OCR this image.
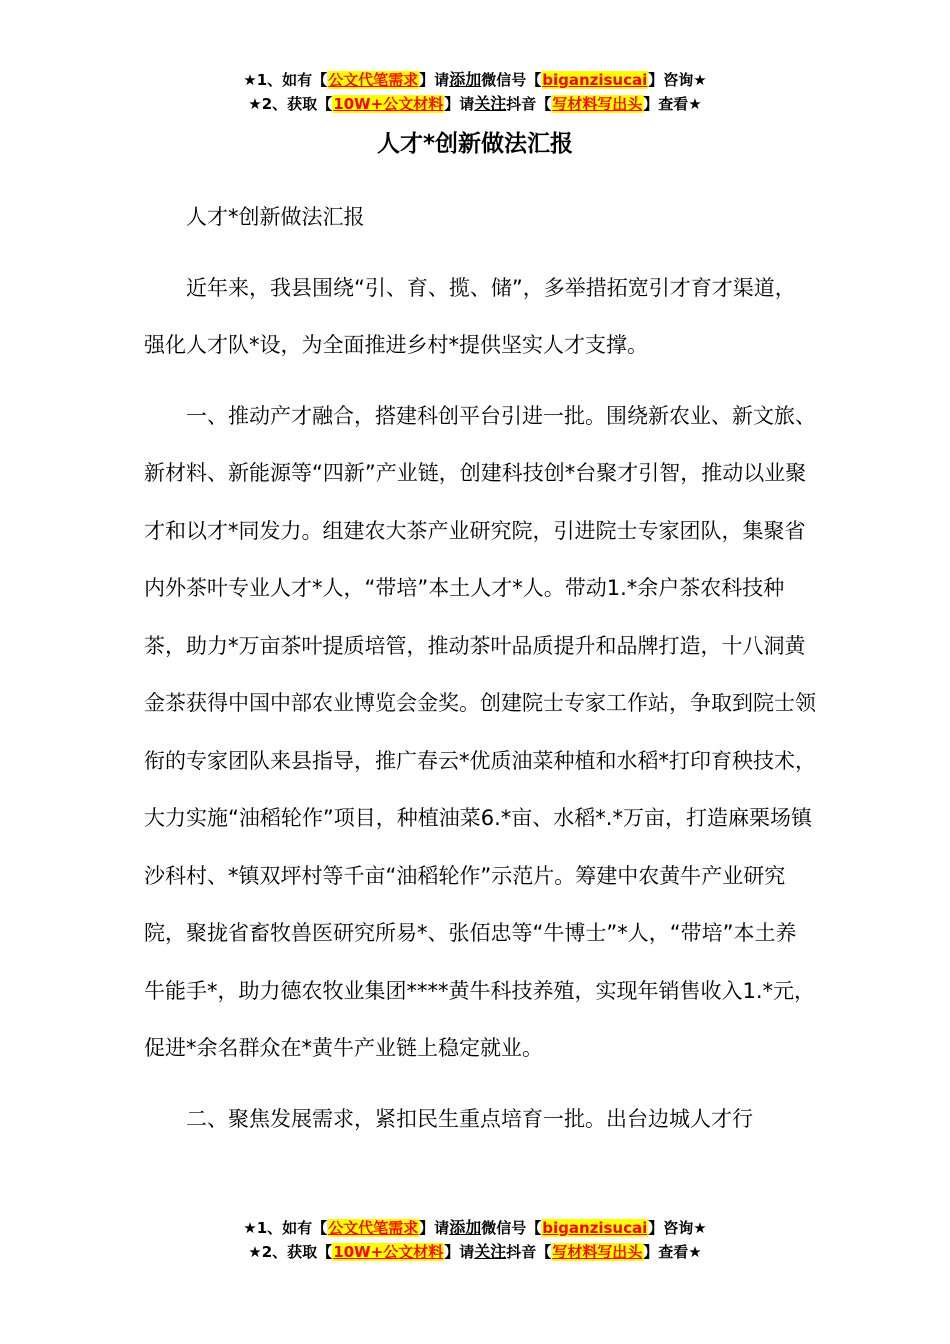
★1、如有【公文代笔需求】请添加微信号【biganzisucai】咨询★
★2、获取【10W+公文材料】请关注抖音【写材料写出头】查看★
人才*创新做法汇报

人才*创新做法汇报

近年来，我县围绕“引、育、揽、储”，多举措拓宽引才育才渠道，强化人才队*设，为全面推进乡村*提供坚实人才支撑。

一、推动产才融合，搭建科创平台引进一批。围绕新农业、新文旅、新材料、新能源等“四新”产业链，创建科技创*台聚才引智，推动以业聚才和以才*同发力。组建农大茶产业研究院，引进院士专家团队，集聚省内外茶叶专业人才*人，“带培”本土人才*人。带动1.*余户茶农科技种茶，助力*万亩茶叶提质培管，推动茶叶品质提升和品牌打造，十八洞黄金茶获得中国中部农业博览会金奖。创建院士专家工作站，争取到院士领衔的专家团队来县指导，推广春云*优质油菜种植和水稻*打印育秧技术，大力实施“油稻轮作”项目，种植油菜6.*亩、水稻*.*万亩，打造麻栗场镇沙科村、*镇双坪村等千亩“油稻轮作”示范片。筹建中农黄牛产业研究院，聚拢省畜牧兽医研究所易*、张佰忠等“牛博士”*人，“带培”本土养牛能手*，助力德农牧业集团****黄牛科技养殖，实现年销售收入1.*元，促进*余名群众在*黄牛产业链上稳定就业。

二、聚焦发展需求，紧扣民生重点培育一批。出台边城人才行

★1、如有【公文代笔需求】请添加微信号【biganzisucai】咨询★
★2、获取【10W+公文材料】请关注抖音【写材料写出头】查看★
